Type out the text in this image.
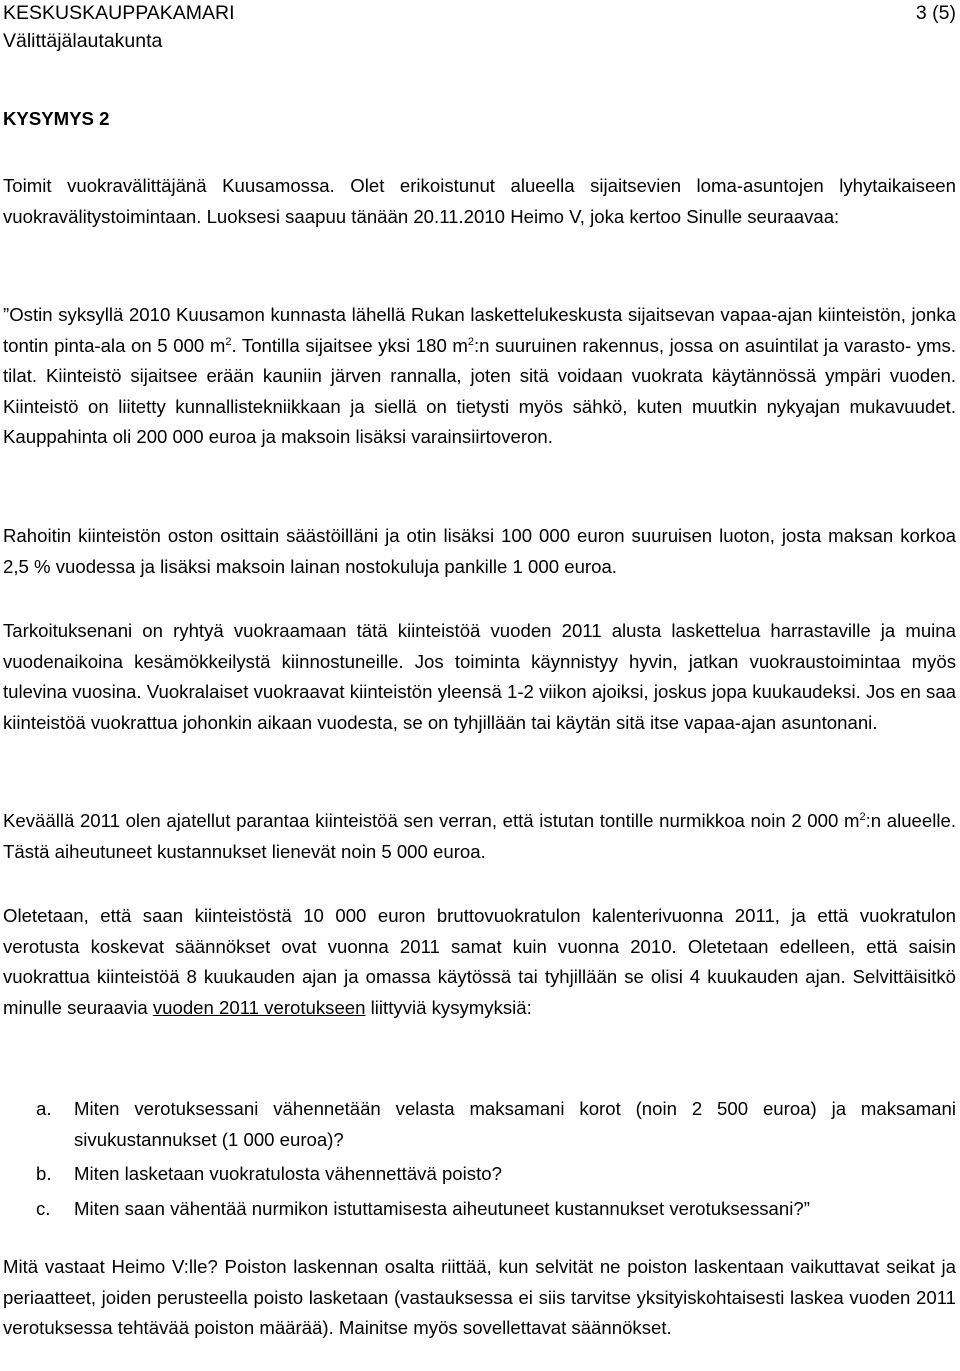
KESKUSKAUPPAKAMARI	3 (5)
Välittäjälautakunta
KYSYMYS 2

Toimit vuokravälittäjänä Kuusamossa. Olet erikoistunut alueella sijaitsevien loma-asuntojen lyhytaikaiseen vuokravälitystoimintaan. Luoksesi saapuu tänään 20.11.2010 Heimo V, joka kertoo Sinulle seuraavaa:

”Ostin syksyllä 2010 Kuusamon kunnasta lähellä Rukan laskettelukeskusta sijaitsevan vapaa-ajan kiinteistön, jonka tontin pinta-ala on 5 000 $m^2$. Tontilla sijaitsee yksi 180 $m^2:n$ suuruinen rakennus, jossa on asuintilat ja varasto- yms. tilat. Kiinteistö sijaitsee erään kauniin järven rannalla, joten sitä voidaan vuokrata käytännössä ympäri vuoden. Kiinteistö on liitetty kunnallistekniikkaan ja siellä on tietysti myös sähkö, kuten muutkin nykyajan mukavuudet. Kauppahinta oli 200 000 euroa ja maksoin lisäksi varainsiirtoveron.

Rahoitin kiinteistön oston osittain säästöilläni ja otin lisäksi 100 000 euron suuruisen luoton, josta maksan korkoa 2,5 % vuodessa ja lisäksi maksoin lainan nostokuluja pankille 1 000 euroa.

Tarkoituksenani on ryhtyä vuokraamaan tätä kiinteistöä vuoden 2011 alusta laskettelua harrastaville ja muina vuodenaikoina kesämökkeilystä kiinnostuneille. Jos toiminta käynnistyy hyvin, jatkan vuokraustoimintaa myös tulevina vuosina. Vuokralaiset vuokraavat kiinteistön yleensä 1-2 viikon ajoiksi, joskus jopa kuukaudeksi. Jos en saa kiinteistöä vuokrattua johonkin aikaan vuodesta, se on tyhjillään tai käytän sitä itse vapaa-ajan asuntonani.

Keväällä 2011 olen ajatellut parantaa kiinteistöä sen verran, että istutan tontille nurmikkoa noin 2 000 $m^2:n$ alueelle. Tästä aiheutuneet kustannukset lienevät noin 5 000 euroa.

Oletetaan, että saan kiinteistöstä 10 000 euron bruttovuokratulon kalenterivuonna 2011, ja että vuokratulon verotusta koskevat säännökset ovat vuonna 2011 samat kuin vuonna 2010. Oletetaan edelleen, että saisin vuokrattua kiinteistöä 8 kuukauden ajan ja omassa käytössä tai tyhjillään se olisi 4 kuukauden ajan. Selvittäisitkö minulle seuraavia vuoden 2011 verotukseen liittyviä kysymyksiä:

a.	Miten verotuksessani vähennetään velasta maksamani korot (noin 2 500 euroa) ja maksamani sivukustannukset (1 000 euroa)?
b.	Miten lasketaan vuokratulosta vähennettävä poisto?
c.	Miten saan vähentää nurmikon istuttamisesta aiheutuneet kustannukset verotuksessani?”

Mitä vastaat Heimo V:lle? Poiston laskennan osalta riittää, kun selvität ne poiston laskentaan vaikuttavat seikat ja periaatteet, joiden perusteella poisto lasketaan (vastauksessa ei siis tarvitse yksityiskohtaisesti laskea vuoden 2011 verotuksessa tehtävää poiston määrää). Mainitse myös sovellettavat säännökset.
